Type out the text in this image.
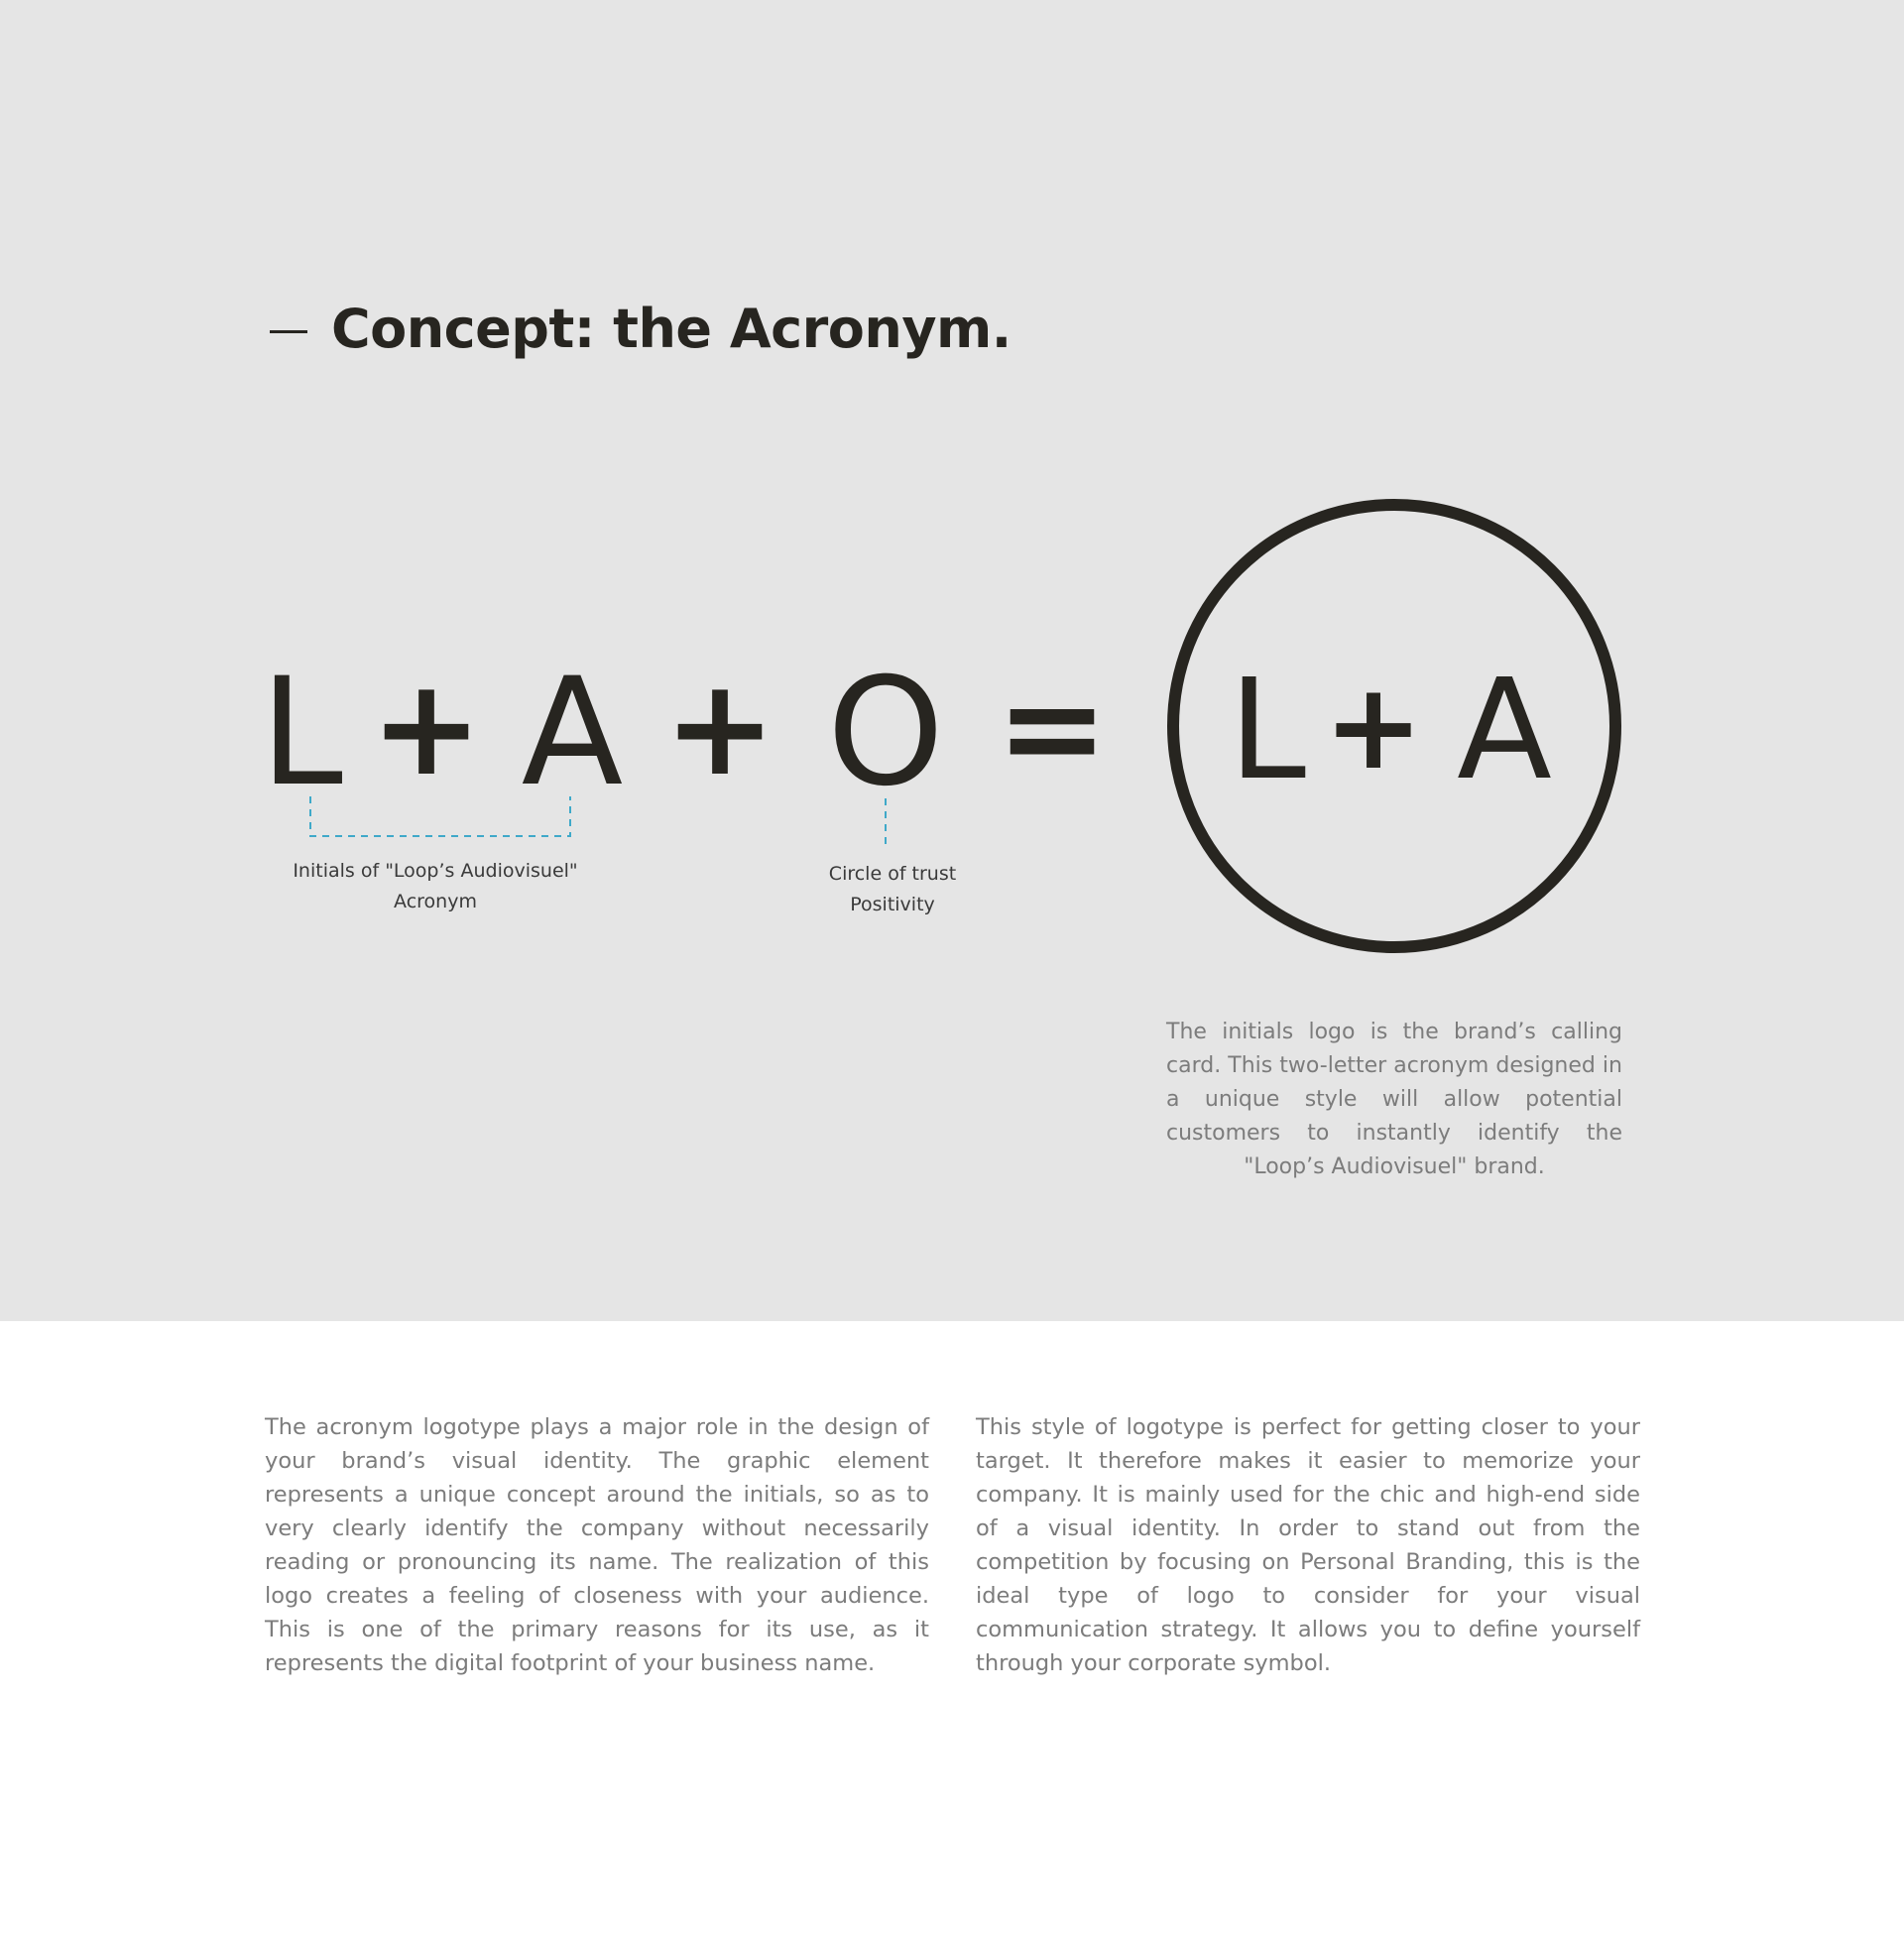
Concept: the Acronym.
L + A + O = L + A

Initials of "Loop’s Audiovisuel"
Acronym

Circle of trust
Positivity

The initials logo is the brand’s calling card. This two-letter acronym designed in a unique style will allow potential customers to instantly identify the "Loop’s Audiovisuel" brand.

The acronym logotype plays a major role in the design of your brand’s visual identity. The graphic element represents a unique concept around the initials, so as to very clearly identify the company without necessarily reading or pronouncing its name. The realization of this logo creates a feeling of closeness with your audience. This is one of the primary reasons for its use, as it represents the digital footprint of your business name.

This style of logotype is perfect for getting closer to your target. It therefore makes it easier to memorize your company. It is mainly used for the chic and high-end side of a visual identity. In order to stand out from the competition by focusing on Personal Branding, this is the ideal type of logo to consider for your visual communication strategy. It allows you to define yourself through your corporate symbol.
